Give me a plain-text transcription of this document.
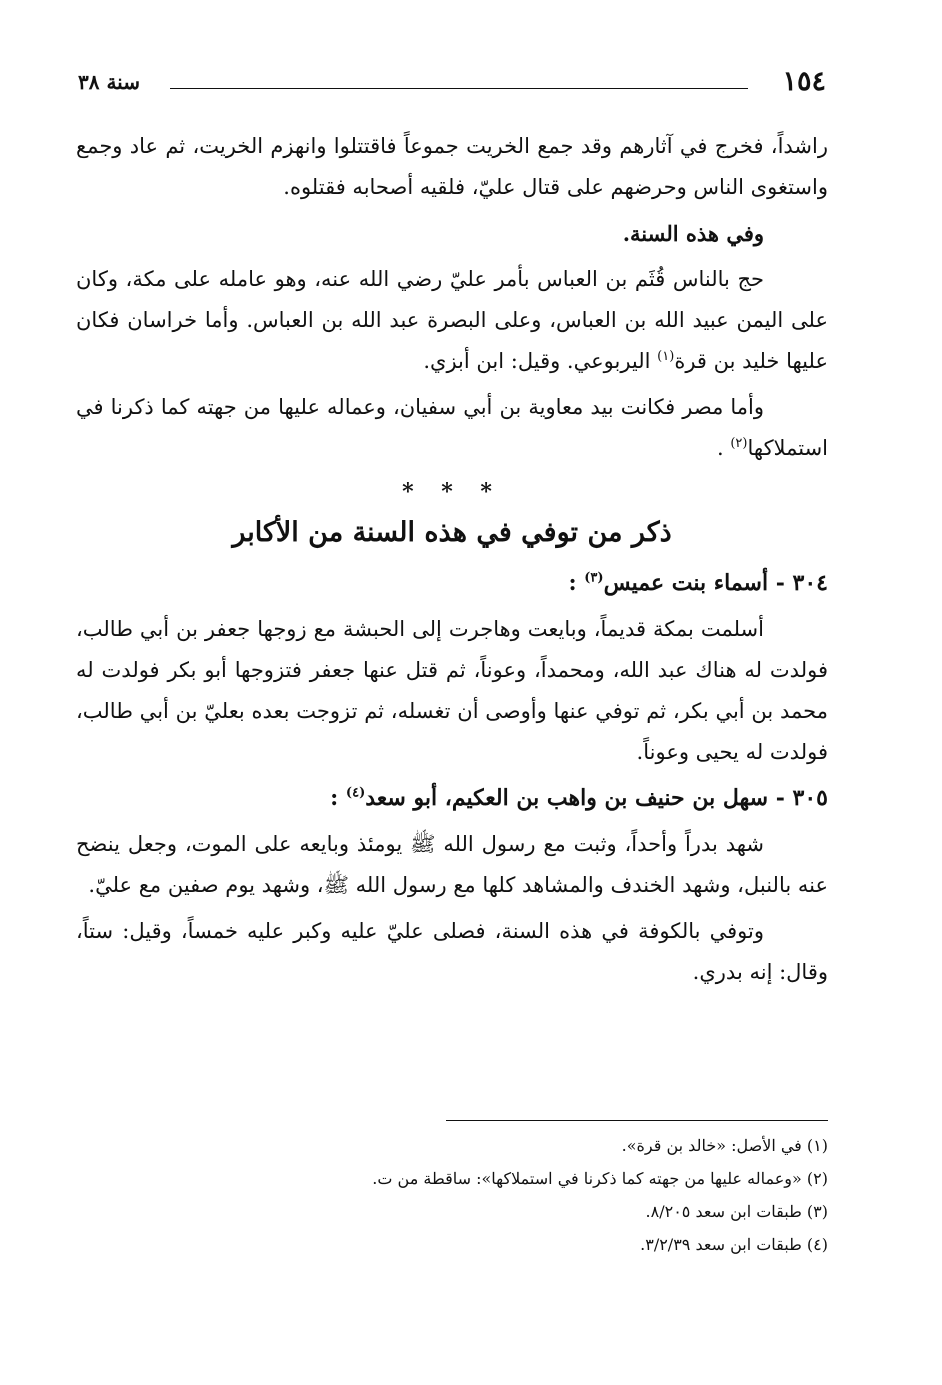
١٥٤
سنة ٣٨

راشداً، فخرج في آثارهم وقد جمع الخريت جموعاً فاقتتلوا وانهزم الخريت، ثم عاد وجمع واستغوى الناس وحرضهم على قتال عليّ، فلقيه أصحابه فقتلوه.

وفي هذه السنة.

حج بالناس قُثَم بن العباس بأمر عليّ رضي الله عنه، وهو عامله على مكة، وكان على اليمن عبيد الله بن العباس، وعلى البصرة عبد الله بن العباس. وأما خراسان فكان عليها خليد بن قرة$^{(١)}$ اليربوعي. وقيل: ابن أبزي.

وأما مصر فكانت بيد معاوية بن أبي سفيان، وعماله عليها من جهته كما ذكرنا في استملاكها$^{(٢)}$ .

* * *
ذكر من توفي في هذه السنة من الأكابر

٣٠٤ - أسماء بنت عميس$^{(٣)}$ :

أسلمت بمكة قديماً، وبايعت وهاجرت إلى الحبشة مع زوجها جعفر بن أبي طالب، فولدت له هناك عبد الله، ومحمداً، وعوناً، ثم قتل عنها جعفر فتزوجها أبو بكر فولدت له محمد بن أبي بكر، ثم توفي عنها وأوصى أن تغسله، ثم تزوجت بعده بعليّ بن أبي طالب، فولدت له يحيى وعوناً.

٣٠٥ - سهل بن حنيف بن واهب بن العكيم، أبو سعد$^{(٤)}$ :

شهد بدراً وأحداً، وثبت مع رسول الله ﷺ يومئذ وبايعه على الموت، وجعل ينضح عنه بالنبل، وشهد الخندف والمشاهد كلها مع رسول الله ﷺ، وشهد يوم صفين مع عليّ.

وتوفي بالكوفة في هذه السنة، فصلى عليّ عليه وكبر عليه خمساً، وقيل: ستاً، وقال: إنه بدري.

(١) في الأصل: «خالد بن قرة».
(٢) «وعماله عليها من جهته كما ذكرنا في استملاكها»: ساقطة من ت.
(٣) طبقات ابن سعد ٨/٢٠٥.
(٤) طبقات ابن سعد ٣/٢/٣٩.
